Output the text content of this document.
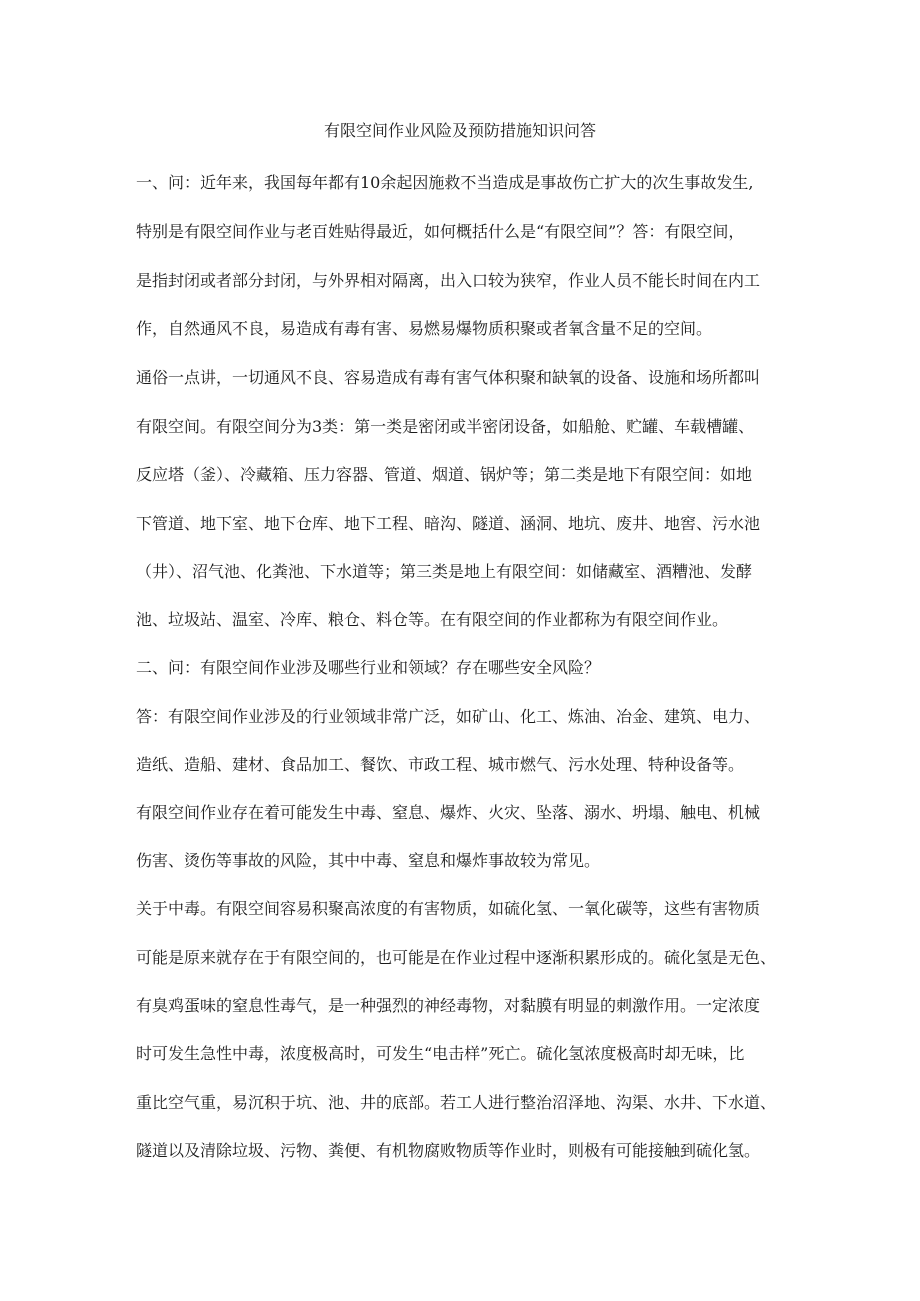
有限空间作业风险及预防措施知识问答
一、问：近年来，我国每年都有10余起因施救不当造成是事故伤亡扩大的次生事故发生,
特别是有限空间作业与老百姓贴得最近，如何概括什么是“有限空间”？答：有限空间，
是指封闭或者部分封闭，与外界相对隔离，出入口较为狭窄，作业人员不能长时间在内工
作，自然通风不良，易造成有毒有害、易燃易爆物质积聚或者氧含量不足的空间。
通俗一点讲，一切通风不良、容易造成有毒有害气体积聚和缺氧的设备、设施和场所都叫
有限空间。有限空间分为3类：第一类是密闭或半密闭设备，如船舱、贮罐、车载槽罐、
反应塔（釜）、冷藏箱、压力容器、管道、烟道、锅炉等；第二类是地下有限空间：如地
下管道、地下室、地下仓库、地下工程、暗沟、隧道、涵洞、地坑、废井、地窖、污水池
（井）、沼气池、化粪池、下水道等；第三类是地上有限空间：如储藏室、酒糟池、发酵
池、垃圾站、温室、冷库、粮仓、料仓等。在有限空间的作业都称为有限空间作业。
二、问：有限空间作业涉及哪些行业和领域？存在哪些安全风险？
答：有限空间作业涉及的行业领域非常广泛，如矿山、化工、炼油、冶金、建筑、电力、
造纸、造船、建材、食品加工、餐饮、市政工程、城市燃气、污水处理、特种设备等。
有限空间作业存在着可能发生中毒、窒息、爆炸、火灾、坠落、溺水、坍塌、触电、机械
伤害、烫伤等事故的风险，其中中毒、窒息和爆炸事故较为常见。
关于中毒。有限空间容易积聚高浓度的有害物质，如硫化氢、一氧化碳等，这些有害物质
可能是原来就存在于有限空间的，也可能是在作业过程中逐渐积累形成的。硫化氢是无色、
有臭鸡蛋味的窒息性毒气，是一种强烈的神经毒物，对黏膜有明显的刺激作用。一定浓度
时可发生急性中毒，浓度极高时，可发生“电击样”死亡。硫化氢浓度极高时却无味，比
重比空气重，易沉积于坑、池、井的底部。若工人进行整治沼泽地、沟渠、水井、下水道、
隧道以及清除垃圾、污物、粪便、有机物腐败物质等作业时，则极有可能接触到硫化氢。
